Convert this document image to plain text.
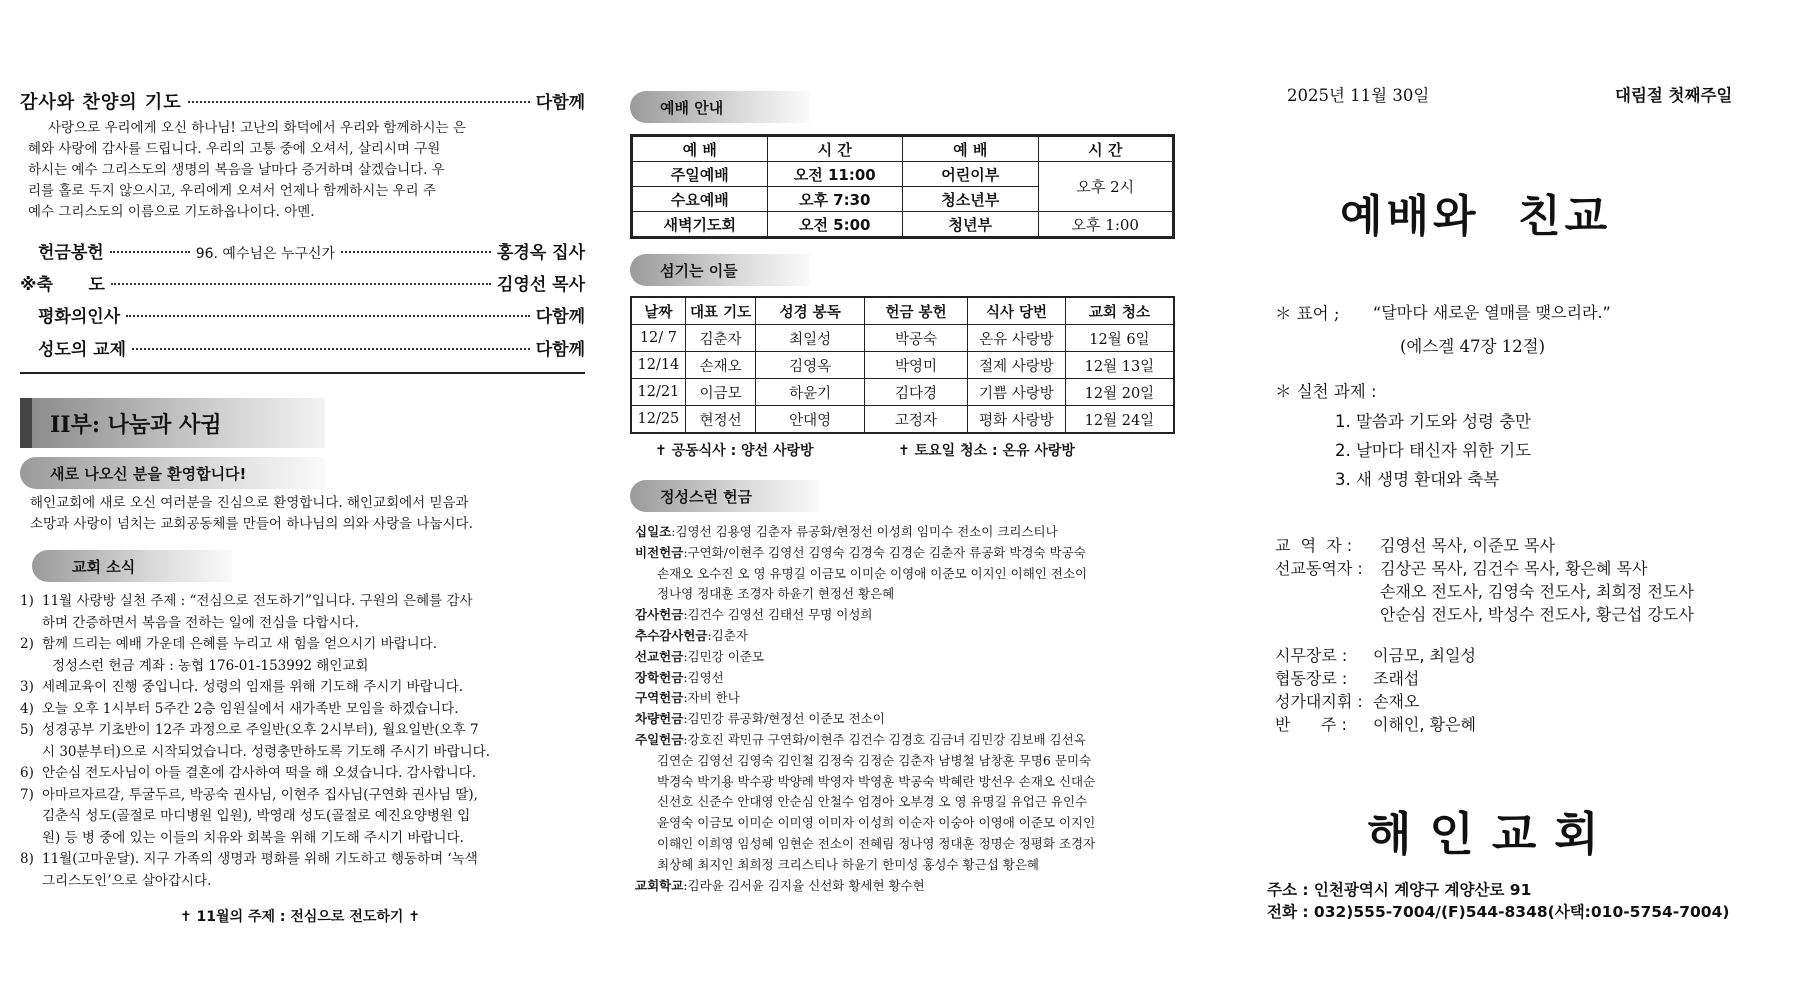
감사와 찬양의 기도	다함께
사랑으로 우리에게 오신 하나님! 고난의 화덕에서 우리와 함께하시는 은
혜와 사랑에 감사를 드립니다. 우리의 고통 중에 오셔서, 살리시며 구원
하시는 예수 그리스도의 생명의 복음을 날마다 증거하며 살겠습니다. 우
리를 홀로 두지 않으시고, 우리에게 오셔서 언제나 함께하시는 우리 주
예수 그리스도의 이름으로 기도하옵나이다. 아멘.
헌금봉헌	96. 예수님은 누구신가	홍경옥 집사
※축      도	김영선 목사
평화의인사	다함께
성도의 교제	다함께
II부: 나눔과 사귐
새로 나오신 분을 환영합니다!
해인교회에 새로 오신 여러분을 진심으로 환영합니다. 해인교회에서 믿음과
소망과 사랑이 넘치는 교회공동체를 만들어 하나님의 의와 사랑을 나눕시다.
교회 소식
1) 11월 사랑방 실천 주제 : “전심으로 전도하기”입니다. 구원의 은혜를 감사
하며 간증하면서 복음을 전하는 일에 전심을 다합시다.
2) 함께 드리는 예배 가운데 은혜를 누리고 새 힘을 얻으시기 바랍니다.
정성스런 헌금 계좌 : 농협 176-01-153992 해인교회
3) 세례교육이 진행 중입니다. 성령의 임재를 위해 기도해 주시기 바랍니다.
4) 오늘 오후 1시부터 5주간 2층 임원실에서 새가족반 모임을 하겠습니다.
5) 성경공부 기초반이 12주 과정으로 주일반(오후 2시부터), 월요일반(오후 7
시 30분부터)으로 시작되었습니다. 성령충만하도록 기도해 주시기 바랍니다.
6) 안순심 전도사님이 아들 결혼에 감사하여 떡을 해 오셨습니다. 감사합니다.
7) 아마르자르갈, 투굴두르, 박공숙 권사님, 이현주 집사님(구연화 권사님 딸),
김춘식 성도(골절로 마디병원 입원), 박영래 성도(골절로 예진요양병원 입
원) 등 병 중에 있는 이들의 치유와 회복을 위해 기도해 주시기 바랍니다.
8) 11월(고마운달). 지구 가족의 생명과 평화를 위해 기도하고 행동하며 ‘녹색
그리스도인’으로 살아갑시다.
✝ 11월의 주제 : 전심으로 전도하기 ✝
예배 안내
예 배	시 간	예 배	시 간
주일예배	오전 11:00	어린이부	오후 2시
수요예배	오후 7:30	청소년부	
새벽기도회	오전 5:00	청년부	오후 1:00
섬기는 이들
날짜	대표 기도	성경 봉독	헌금 봉헌	식사 당번	교회 청소
12/ 7	김춘자	최일성	박공숙	온유 사랑방	12월 6일
12/14	손재오	김영옥	박영미	절제 사랑방	12월 13일
12/21	이금모	하윤기	김다경	기쁨 사랑방	12월 20일
12/25	현정선	안대영	고정자	평화 사랑방	12월 24일
✝ 공동식사 : 양선 사랑방	✝ 토요일 청소 : 온유 사랑방
정성스런 헌금
십일조 : 김영선 김용영 김춘자 류공화/현정선 이성희 임미수 전소이 크리스티나
비전헌금 : 구연화/이현주 김영선 김영숙 김경숙 김경순 김춘자 류공화 박경숙 박공숙
손재오 오수진 오 영 유명길 이금모 이미순 이영애 이준모 이지인 이해인 전소이
정나영 정대훈 조경자 하윤기 현정선 황은혜
감사헌금 : 김건수 김영선 김태선 무명 이성희
추수감사헌금 : 김춘자
선교헌금 : 김민강 이준모
장학헌금 : 김영선
구역헌금 : 자비 한나
차량헌금 : 김민강 류공화/현정선 이준모 전소이
주일헌금 : 강호진 곽민규 구연화/이현주 김건수 김경호 김금녀 김민강 김보배 김선옥
김연순 김영선 김영숙 김인철 김정숙 김정순 김춘자 남병철 남창훈 무명6 문미숙
박경숙 박기용 박수광 박양례 박영자 박영훈 박공숙 박혜란 방선우 손재오 신대순
신선호 신준수 안대영 안순심 안철수 엄경아 오부경 오 영 유명길 유업근 유인수
윤영숙 이금모 이미순 이미영 이미자 이성희 이순자 이숭아 이영애 이준모 이지인
이해인 이희영 임성혜 임현순 전소이 전혜림 정나영 정대훈 정명순 정평화 조경자
최상혜 최지인 최희정 크리스티나 하윤기 한미성 홍성수 황근섭 황은혜
교회학교 : 김라윤 김서윤 김지율 신선화 황세현 황수현
2025년 11월 30일	대림절 첫째주일
예배와  친교
＊ 표어 ; “달마다 새로운 열매를 맺으리라.”
(에스겔 47장 12절)
＊ 실천 과제 :
1. 말씀과 기도와 성령 충만
2. 날마다 태신자 위한 기도
3. 새 생명 환대와 축복
교  역  자 :	김영선 목사, 이준모 목사
선교동역자 :	김상곤 목사, 김건수 목사, 황은혜 목사
손재오 전도사, 김영숙 전도사, 최희정 전도사
안순심 전도사, 박성수 전도사, 황근섭 강도사
시무장로 :	이금모, 최일성
협동장로 :	조래섭
성가대지휘 : 손재오
반      주 :	이해인, 황은혜
해인교회
주소 : 인천광역시 계양구 계양산로 91
전화 : 032)555-7004/(F)544-8348(사택:010-5754-7004)
